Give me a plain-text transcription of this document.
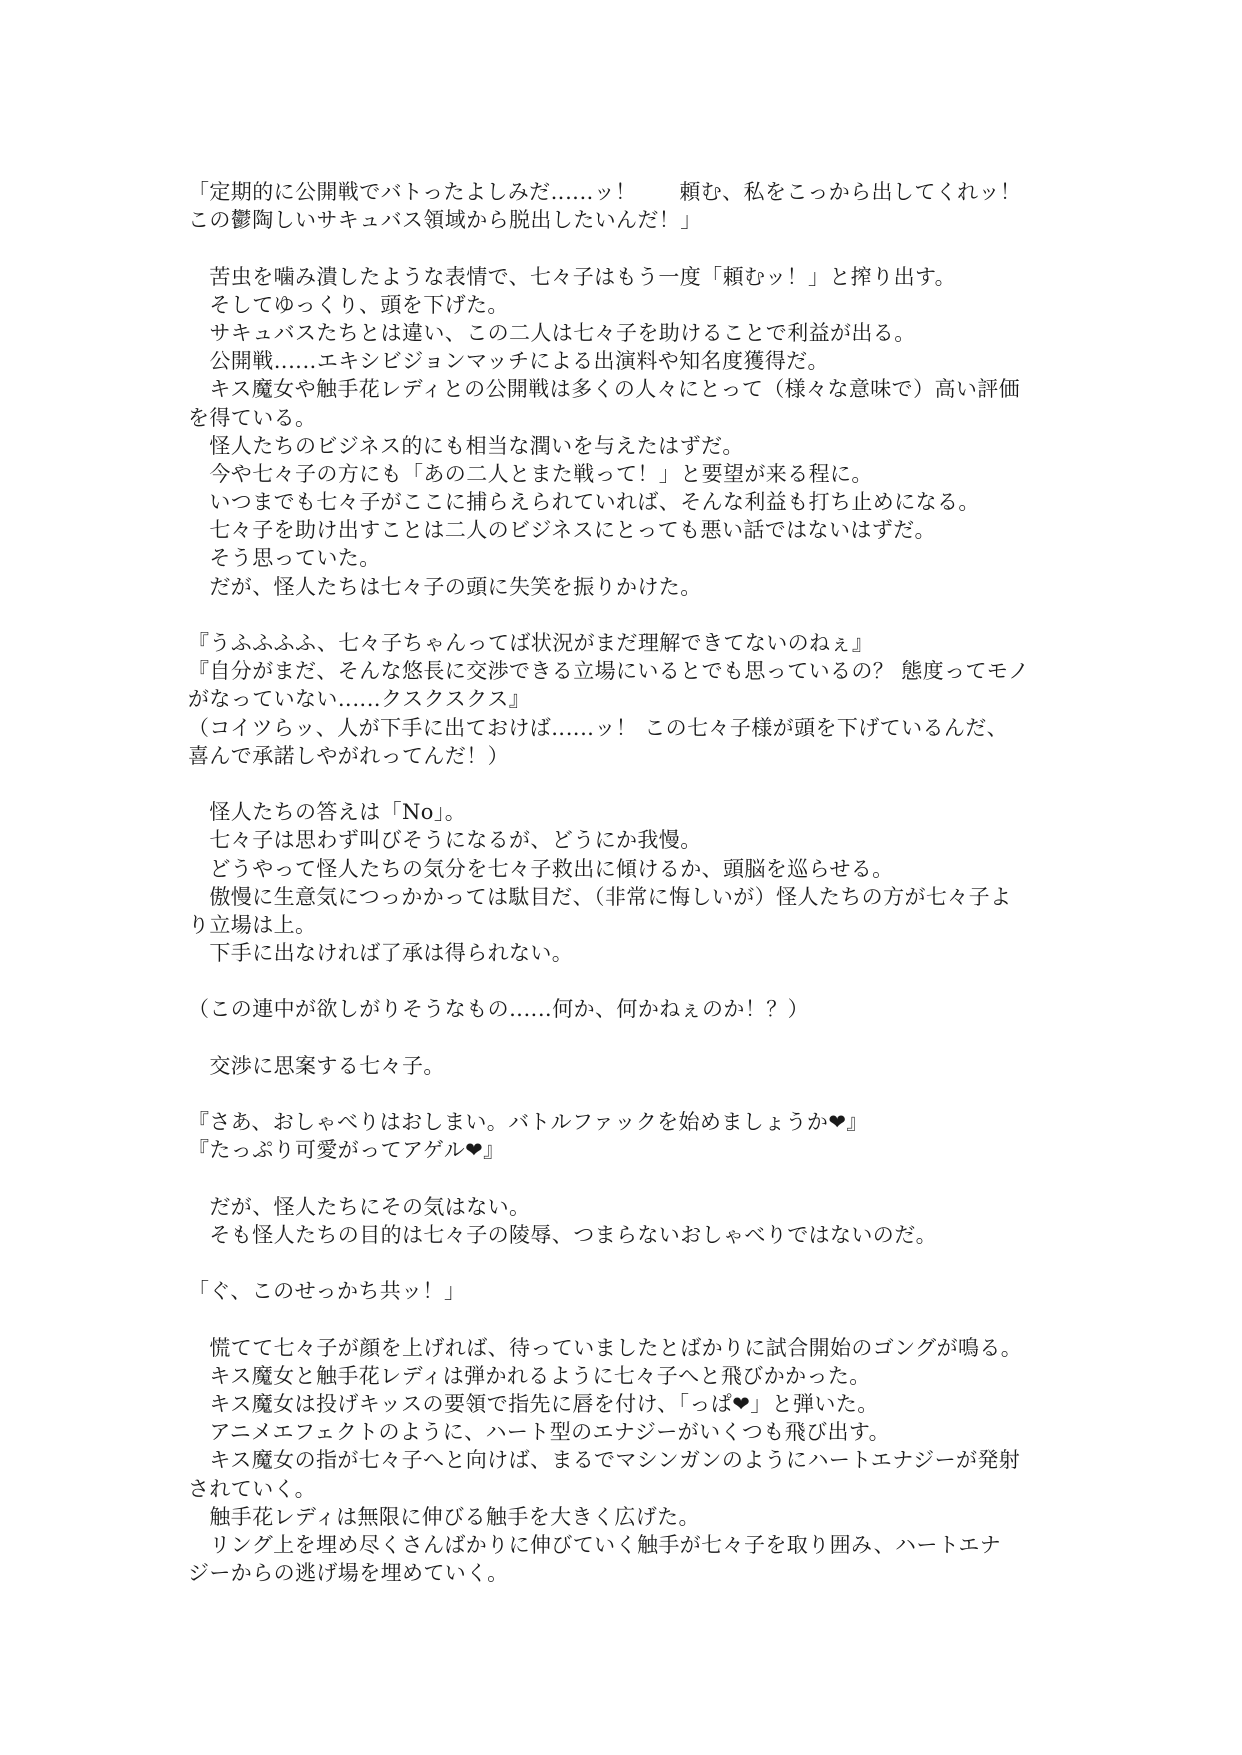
「定期的に公開戦でバトったよしみだ‥‥‥ッ！　　頼む、私をこっから出してくれッ！
この鬱陶しいサキュバス領域から脱出したいんだ！」
　苦虫を噛み潰したような表情で、七々子はもう一度「頼むッ！」と搾り出す。
　そしてゆっくり、頭を下げた。
　サキュバスたちとは違い、この二人は七々子を助けることで利益が出る。
　公開戦‥‥‥エキシビジョンマッチによる出演料や知名度獲得だ。
　キス魔女や触手花レディとの公開戦は多くの人々にとって（様々な意味で）高い評価
を得ている。
　怪人たちのビジネス的にも相当な潤いを与えたはずだ。
　今や七々子の方にも「あの二人とまた戦って！」と要望が来る程に。
　いつまでも七々子がここに捕らえられていれば、そんな利益も打ち止めになる。
　七々子を助け出すことは二人のビジネスにとっても悪い話ではないはずだ。
　そう思っていた。
　だが、怪人たちは七々子の頭に失笑を振りかけた。
『うふふふふ、七々子ちゃんってば状況がまだ理解できてないのねぇ』
『自分がまだ、そんな悠長に交渉できる立場にいるとでも思っているの？ 態度ってモノ
がなっていない‥‥‥クスクスクス』
（コイツらッ、人が下手に出ておけば‥‥‥ッ！ この七々子様が頭を下げているんだ、
喜んで承諾しやがれってんだ！）
　怪人たちの答えは「No」。
　七々子は思わず叫びそうになるが、どうにか我慢。
　どうやって怪人たちの気分を七々子救出に傾けるか、頭脳を巡らせる。
　傲慢に生意気につっかかっては駄目だ、（非常に悔しいが）怪人たちの方が七々子よ
り立場は上。
　下手に出なければ了承は得られない。
（この連中が欲しがりそうなもの‥‥‥何か、何かねぇのか！？）
　交渉に思案する七々子。
『さあ、おしゃべりはおしまい。バトルファックを始めましょうか❤』
『たっぷり可愛がってアゲル❤』
　だが、怪人たちにその気はない。
　そも怪人たちの目的は七々子の陵辱、つまらないおしゃべりではないのだ。
「ぐ、このせっかち共ッ！」
　慌てて七々子が顔を上げれば、待っていましたとばかりに試合開始のゴングが鳴る。
　キス魔女と触手花レディは弾かれるように七々子へと飛びかかった。
　キス魔女は投げキッスの要領で指先に唇を付け、「っぱ❤」と弾いた。
　アニメエフェクトのように、ハート型のエナジーがいくつも飛び出す。
　キス魔女の指が七々子へと向けば、まるでマシンガンのようにハートエナジーが発射
されていく。
　触手花レディは無限に伸びる触手を大きく広げた。
　リング上を埋め尽くさんばかりに伸びていく触手が七々子を取り囲み、ハートエナ
ジーからの逃げ場を埋めていく。
